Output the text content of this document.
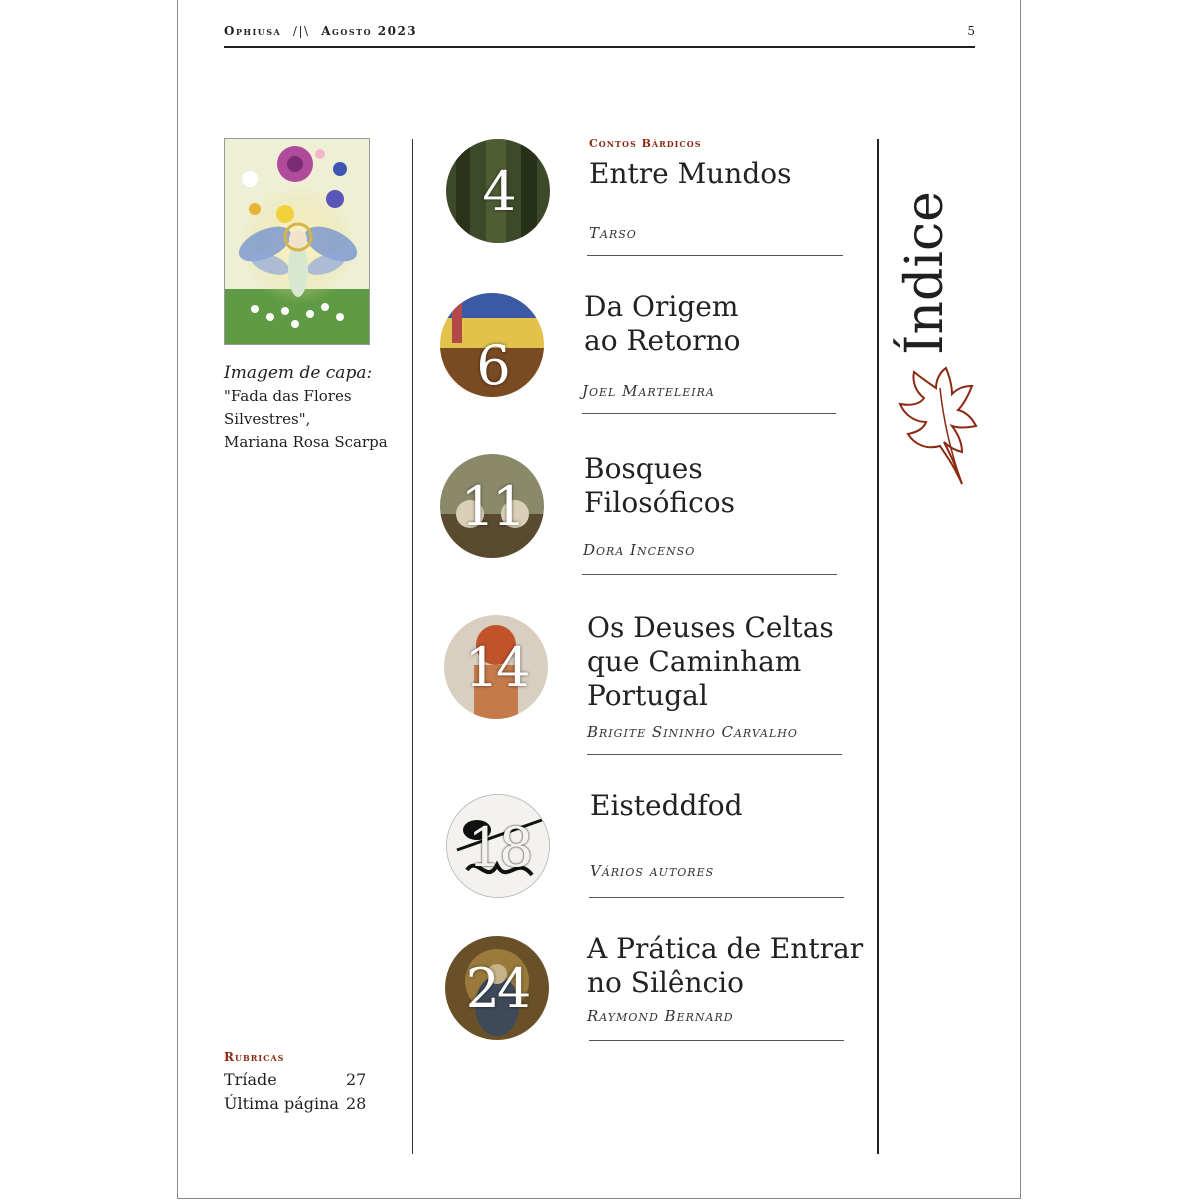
Ophiusa /|\ Agosto 2023	5
Imagem de capa:
"Fada das Flores
Silvestres",
Mariana Rosa Scarpa
Índice
4
Contos Bárdicos
Entre Mundos
Tarso
6
Da Origem
ao Retorno
Joel Marteleira
11
Bosques
Filosóficos
Dora Incenso
14
Os Deuses Celtas
que Caminham
Portugal
Brigite Sininho Carvalho
18
Eisteddfod
Vários autores
24
A Prática de Entrar
no Silêncio
Raymond Bernard
Rubricas
Tríade	27
Última página 28
